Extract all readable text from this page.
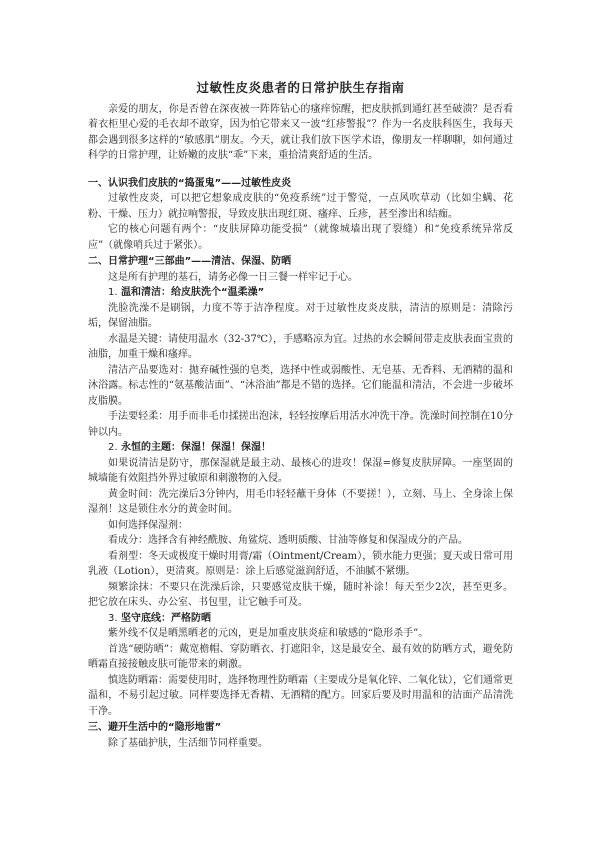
过敏性皮炎患者的日常护肤生存指南

亲爱的朋友，你是否曾在深夜被一阵阵钻心的瘙痒惊醒，把皮肤抓到通红甚至破溃？是否看着衣柜里心爱的毛衣却不敢穿，因为怕它带来又一波“红疹警报”？作为一名皮肤科医生，我每天都会遇到很多这样的“敏感肌”朋友。今天，就让我们放下医学术语，像朋友一样聊聊，如何通过科学的日常护理，让娇嫩的皮肤“乖”下来，重拾清爽舒适的生活。

一、认识我们皮肤的“捣蛋鬼”——过敏性皮炎

过敏性皮炎，可以把它想象成皮肤的“免疫系统”过于警觉，一点风吹草动（比如尘螨、花粉、干燥、压力）就拉响警报，导致皮肤出现红斑、瘙痒、丘疹，甚至渗出和结痂。

它的核心问题有两个：“皮肤屏障功能受损”（就像城墙出现了裂缝）和“免疫系统异常反应”（就像哨兵过于紧张）。

二、日常护理“三部曲”——清洁、保湿、防晒

这是所有护理的基石，请务必像一日三餐一样牢记于心。

1. 温和清洁：给皮肤洗个“温柔澡”

洗脸洗澡不是刷锅，力度不等于洁净程度。对于过敏性皮炎皮肤，清洁的原则是：清除污垢，保留油脂。

水温是关键：请使用温水（32-37℃），手感略凉为宜。过热的水会瞬间带走皮肤表面宝贵的油脂，加重干燥和瘙痒。

清洁产品要选对：抛弃碱性强的皂类，选择中性或弱酸性、无皂基、无香料、无酒精的温和沐浴露。标志性的“氨基酸洁面”、“沐浴油”都是不错的选择。它们能温和清洁，不会进一步破坏皮脂膜。

手法要轻柔：用手而非毛巾揉搓出泡沫，轻轻按摩后用活水冲洗干净。洗澡时间控制在10分钟以内。

2. 永恒的主题：保湿！保湿！保湿！

如果说清洁是防守，那保湿就是最主动、最核心的进攻！保湿=修复皮肤屏障。一座坚固的城墙能有效阻挡外界过敏原和刺激物的入侵。

黄金时间：洗完澡后3分钟内，用毛巾轻轻蘸干身体（不要搓！），立刻、马上、全身涂上保湿剂！这是锁住水分的黄金时间。

如何选择保湿剂：

看成分：选择含有神经酰胺、角鲨烷、透明质酸、甘油等修复和保湿成分的产品。

看剂型：冬天或极度干燥时用膏/霜（Ointment/Cream），锁水能力更强；夏天或日常可用乳液（Lotion），更清爽。原则是：涂上后感觉滋润舒适，不油腻不紧绷。

频繁涂抹：不要只在洗澡后涂，只要感觉皮肤干燥，随时补涂！每天至少2次，甚至更多。把它放在床头、办公室、书包里，让它触手可及。

3. 坚守底线：严格防晒

紫外线不仅是晒黑晒老的元凶，更是加重皮肤炎症和敏感的“隐形杀手”。

首选“硬防晒”：戴宽檐帽、穿防晒衣、打遮阳伞，这是最安全、最有效的防晒方式，避免防晒霜直接接触皮肤可能带来的刺激。

慎选防晒霜：需要使用时，选择物理性防晒霜（主要成分是氧化锌、二氧化钛），它们通常更温和，不易引起过敏。同样要选择无香精、无酒精的配方。回家后要及时用温和的洁面产品清洗干净。

三、避开生活中的“隐形地雷”

除了基础护肤，生活细节同样重要。
